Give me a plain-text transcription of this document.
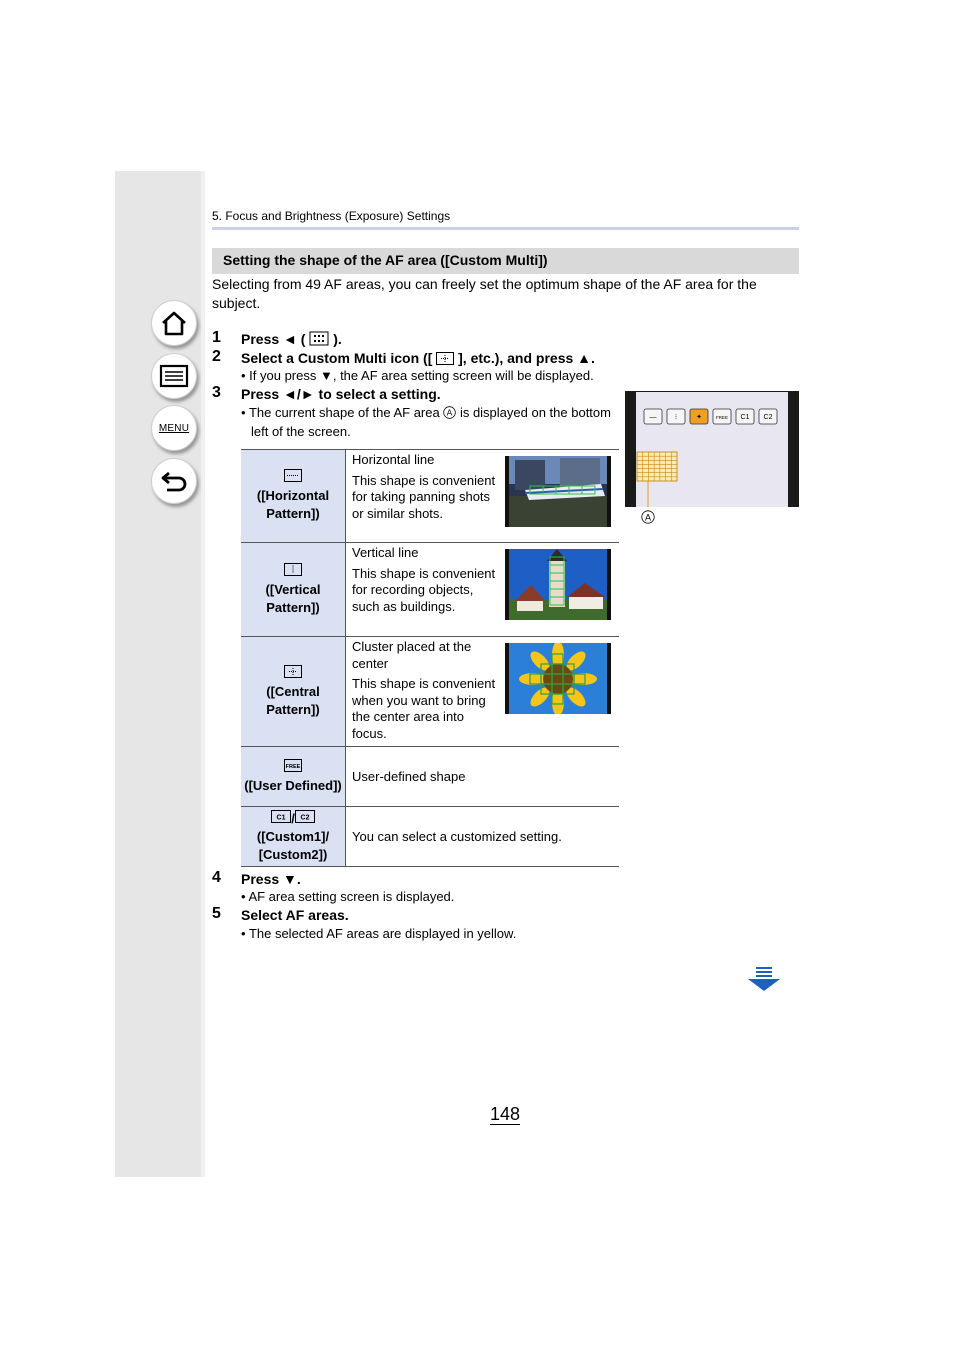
MENU
5. Focus and Brightness (Exposure) Settings
Setting the shape of the AF area ([Custom Multi])
Selecting from 49 AF areas, you can freely set the optimum shape of the AF area for the subject.
1 Press ◄ ( ).
2 Select a Custom Multi icon ([ ], etc.), and press ▲.
• If you press ▼, the AF area setting screen will be displayed.
3 Press ◄/► to select a setting.
• The current shape of the AF area A is displayed on the bottom left of the screen.

([Horizontal Pattern])	Horizontal line

This shape is convenient for taking panning shots or similar shots.

([Vertical Pattern])	Vertical line

This shape is convenient for recording objects, such as buildings.

([Central Pattern])	Cluster placed at the center

This shape is convenient when you want to bring the center area into focus.

FREE

([User Defined])	User-defined shape

C1 / C2

([Custom1]/ [Custom2])	You can select a customized setting.

—	⁝	✦	FREE C1 C2
A
4 Press ▼.
• AF area setting screen is displayed.
5 Select AF areas.
• The selected AF areas are displayed in yellow.
148
